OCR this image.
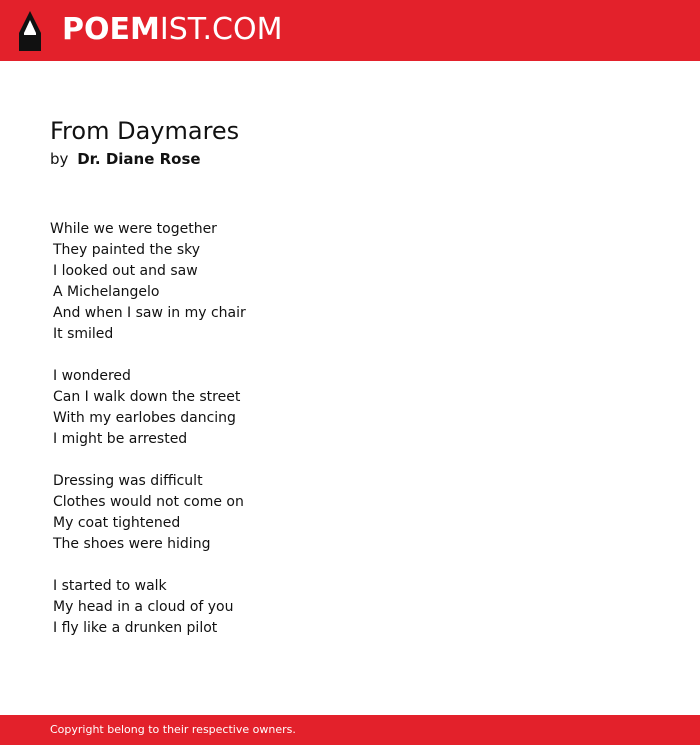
POEMIST.COM
From Daymares
by Dr. Diane Rose
While we were together
They painted the sky
I looked out and saw
A Michelangelo
And when I saw in my chair
It smiled
I wondered
Can I walk down the street
With my earlobes dancing
I might be arrested
Dressing was difficult
Clothes would not come on
My coat tightened
The shoes were hiding
I started to walk
My head in a cloud of you
I fly like a drunken pilot
Copyright belong to their respective owners.
